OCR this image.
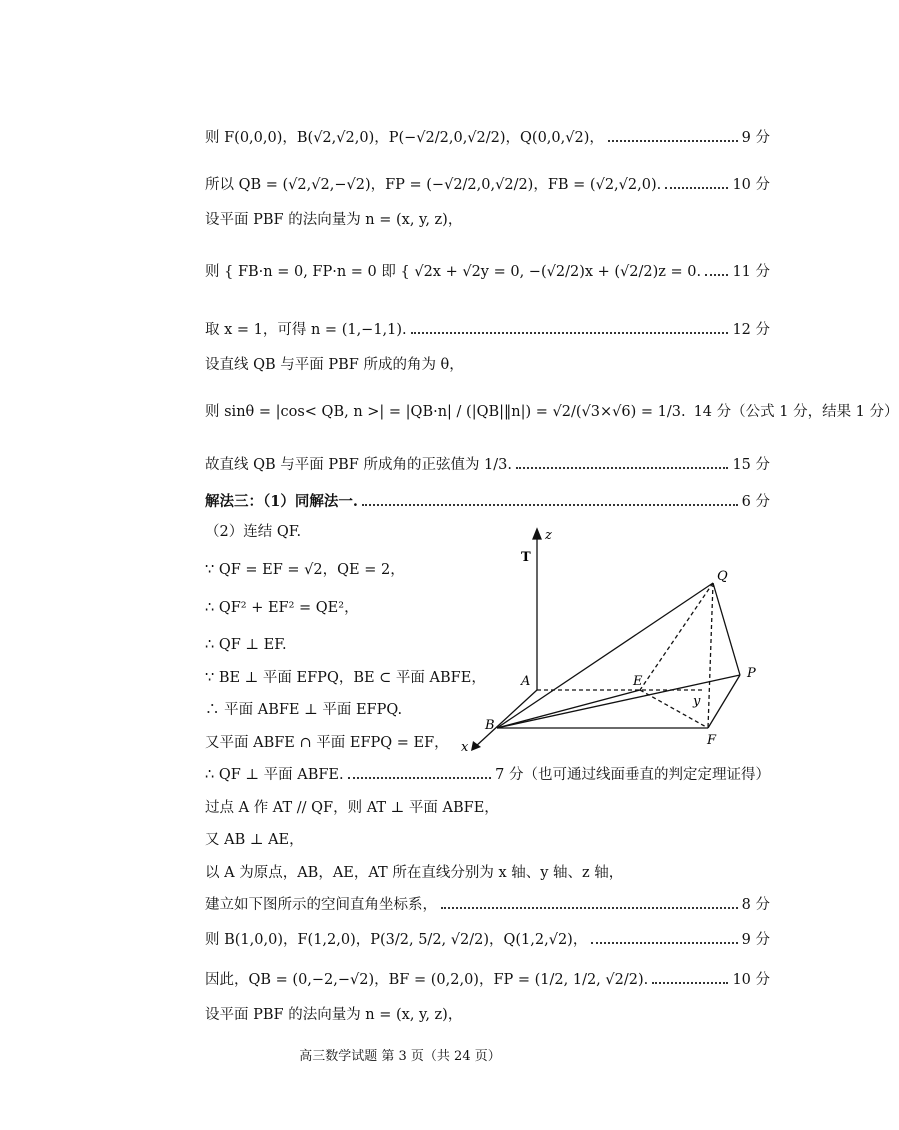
则 F(0,0,0)，B(√2,√2,0)，P(−√2/2,0,√2/2)，Q(0,0,√2)，	9 分
所以 QB = (√2,√2,−√2)，FP = (−√2/2,0,√2/2)，FB = (√2,√2,0).	10 分
设平面 PBF 的法向量为 n = (x, y, z)，
则 { FB·n = 0, FP·n = 0 即 { √2x + √2y = 0, −(√2/2)x + (√2/2)z = 0. 11 分
取 x = 1，可得 n = (1,−1,1).	12 分
设直线 QB 与平面 PBF 所成的角为 θ，
则 sinθ = |cos< QB, n >| = |QB·n| / (|QB|‖n|) = √2/(√3×√6) = 1/3. 14 分（公式 1 分，结果 1 分）
故直线 QB 与平面 PBF 所成角的正弦值为 1/3.	15 分
解法三：（1）同解法一.	6 分
（2）连结 QF.
∵ QF = EF = √2，QE = 2，
∴ QF² + EF² = QE²，
∴ QF ⊥ EF.
∵ BE ⊥ 平面 EFPQ，BE ⊂ 平面 ABFE，
∴ 平面 ABFE ⊥ 平面 EFPQ.
又平面 ABFE ∩ 平面 EFPQ = EF，
∴ QF ⊥ 平面 ABFE.	7 分（也可通过线面垂直的判定定理证得）
过点 A 作 AT // QF，则 AT ⊥ 平面 ABFE，
又 AB ⊥ AE，
以 A 为原点，AB，AE，AT 所在直线分别为 x 轴、y 轴、z 轴，
建立如下图所示的空间直角坐标系，	8 分
则 B(1,0,0)，F(1,2,0)，P(3/2, 5/2, √2/2)，Q(1,2,√2)，	9 分
因此，QB = (0,−2,−√2)，BF = (0,2,0)，FP = (1/2, 1/2, √2/2).	10 分
设平面 PBF 的法向量为 n = (x, y, z)，
z
T
Q
A	E
P
y
B
F
x
高三数学试题 第 3 页（共 24 页）
